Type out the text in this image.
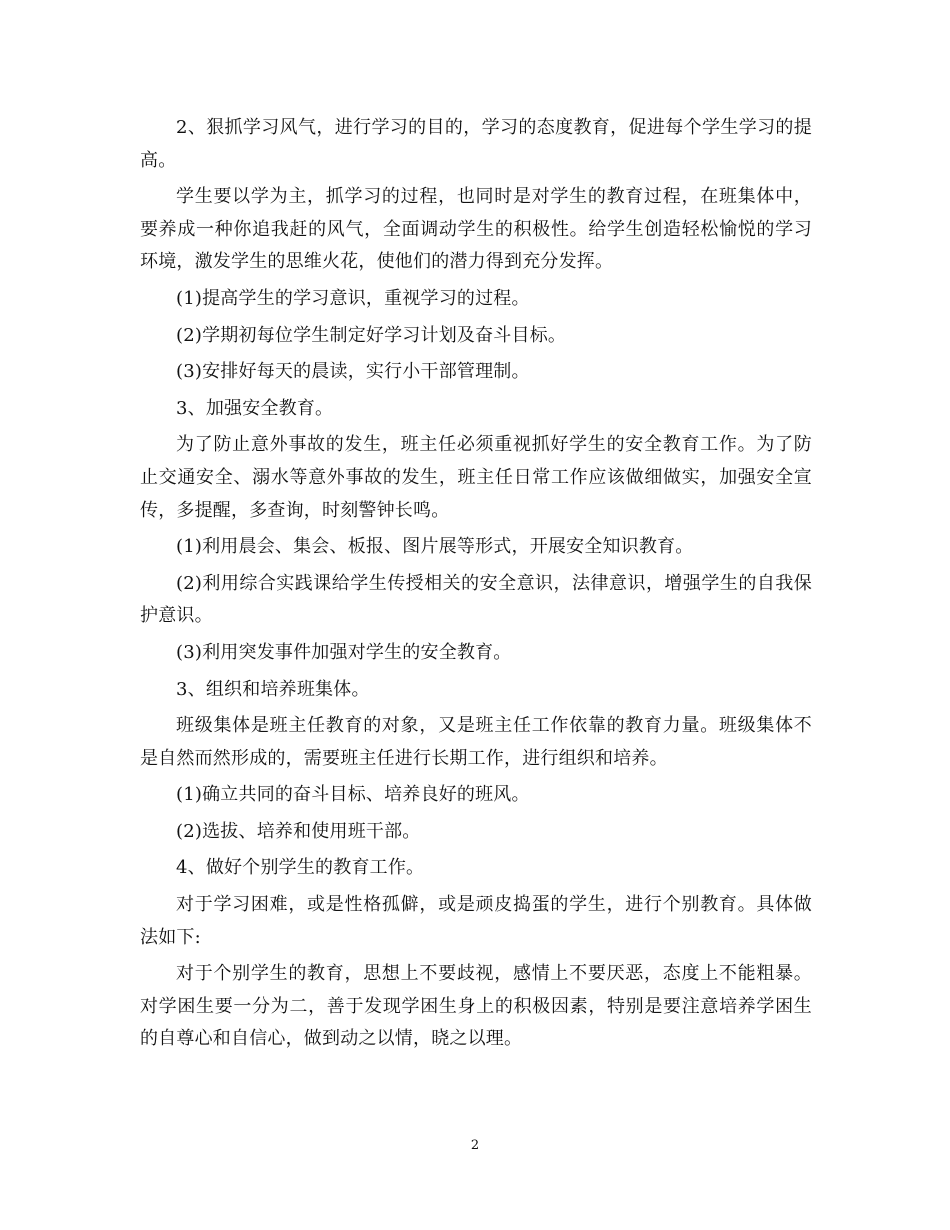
2、狠抓学习风气，进行学习的目的，学习的态度教育，促进每个学生学习的提高。

学生要以学为主，抓学习的过程，也同时是对学生的教育过程，在班集体中，要养成一种你追我赶的风气，全面调动学生的积极性。给学生创造轻松愉悦的学习环境，激发学生的思维火花，使他们的潜力得到充分发挥。

(1)提高学生的学习意识，重视学习的过程。

(2)学期初每位学生制定好学习计划及奋斗目标。

(3)安排好每天的晨读，实行小干部管理制。

3、加强安全教育。

为了防止意外事故的发生，班主任必须重视抓好学生的安全教育工作。为了防止交通安全、溺水等意外事故的发生，班主任日常工作应该做细做实，加强安全宣传，多提醒，多查询，时刻警钟长鸣。

(1)利用晨会、集会、板报、图片展等形式，开展安全知识教育。

(2)利用综合实践课给学生传授相关的安全意识，法律意识，增强学生的自我保护意识。

(3)利用突发事件加强对学生的安全教育。

3、组织和培养班集体。

班级集体是班主任教育的对象，又是班主任工作依靠的教育力量。班级集体不是自然而然形成的，需要班主任进行长期工作，进行组织和培养。

(1)确立共同的奋斗目标、培养良好的班风。

(2)选拔、培养和使用班干部。

4、做好个别学生的教育工作。

对于学习困难，或是性格孤僻，或是顽皮捣蛋的学生，进行个别教育。具体做法如下:

对于个别学生的教育，思想上不要歧视，感情上不要厌恶，态度上不能粗暴。对学困生要一分为二，善于发现学困生身上的积极因素，特别是要注意培养学困生的自尊心和自信心，做到动之以情，晓之以理。

2
